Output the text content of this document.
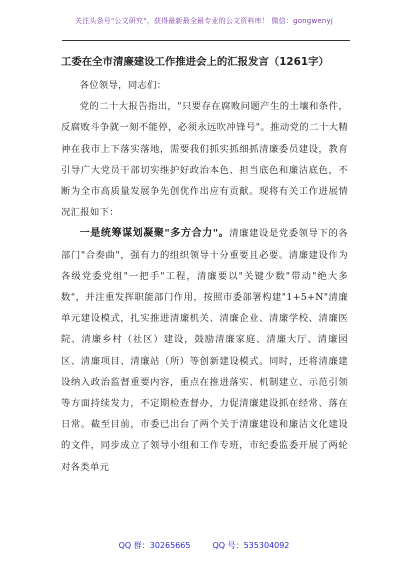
关注头条号"公文研究"，获得最新最全最专业的公文资料库！ 微信：gongwenyj
工委在全市清廉建设工作推进会上的汇报发言（1261字）

各位领导，同志们：

党的二十大报告指出，"只要存在腐败问题产生的土壤和条件，反腐败斗争就一刻不能停，必须永远吹冲锋号"。推动党的二十大精神在我市上下落实落地，需要我们抓实抓细抓清廉委员建设，教育引导广大党员干部切实维护好政治本色、担当底色和廉洁底色，不断为全市高质量发展争先创优作出应有贡献。现将有关工作进展情况汇报如下：

一是统筹谋划凝聚"多方合力"。清廉建设是党委领导下的各部门"合奏曲"，强有力的组织领导十分重要且必要。清廉建设作为各级党委党组"一把手"工程，清廉要以"关键少数"带动"绝大多数"，并注重发挥职能部门作用，按照市委部署构建"1+5+N"清廉单元建设模式，扎实推进清廉机关、清廉企业、清廉学校、清廉医院、清廉乡村（社区）建设，鼓励清廉家庭、清廉大厅、清廉园区、清廉项目、清廉站（所）等创新建设模式。同时，还将清廉建设纳入政治监督重要内容，重点在推进落实、机制建立、示范引领等方面持续发力，不定期检查督办，力促清廉建设抓在经常、落在日常。截至目前，市委已出台了两个关于清廉建设和廉洁文化建设的文件，同步成立了领导小组和工作专班，市纪委监委开展了两轮对各类单元

QQ 群：30265665	QQ 号：535304092
